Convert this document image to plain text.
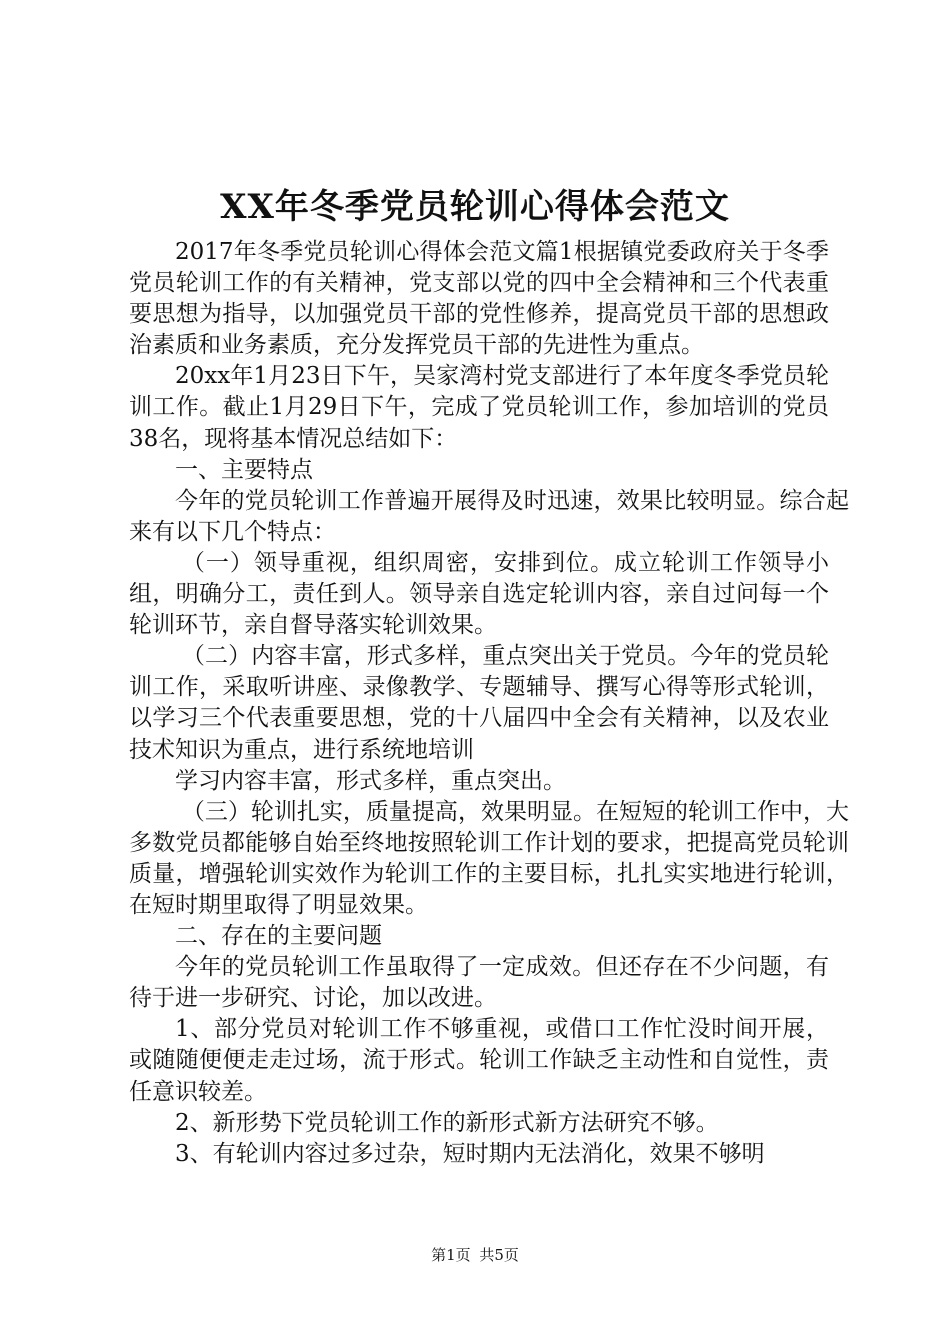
XX年冬季党员轮训心得体会范文

2017年冬季党员轮训心得体会范文篇1根据镇党委政府关于冬季党员轮训工作的有关精神，党支部以党的四中全会精神和三个代表重要思想为指导，以加强党员干部的党性修养，提高党员干部的思想政治素质和业务素质，充分发挥党员干部的先进性为重点。

20xx年1月23日下午，吴家湾村党支部进行了本年度冬季党员轮训工作。截止1月29日下午，完成了党员轮训工作，参加培训的党员38名，现将基本情况总结如下：

一、主要特点

今年的党员轮训工作普遍开展得及时迅速，效果比较明显。综合起来有以下几个特点：

（一）领导重视，组织周密，安排到位。成立轮训工作领导小组，明确分工，责任到人。领导亲自选定轮训内容，亲自过问每一个轮训环节，亲自督导落实轮训效果。

（二）内容丰富，形式多样，重点突出关于党员。今年的党员轮训工作，采取听讲座、录像教学、专题辅导、撰写心得等形式轮训，以学习三个代表重要思想，党的十八届四中全会有关精神，以及农业技术知识为重点，进行系统地培训

学习内容丰富，形式多样，重点突出。

（三）轮训扎实，质量提高，效果明显。在短短的轮训工作中，大多数党员都能够自始至终地按照轮训工作计划的要求，把提高党员轮训质量，增强轮训实效作为轮训工作的主要目标，扎扎实实地进行轮训，在短时期里取得了明显效果。

二、存在的主要问题

今年的党员轮训工作虽取得了一定成效。但还存在不少问题，有待于进一步研究、讨论，加以改进。

1、部分党员对轮训工作不够重视，或借口工作忙没时间开展，或随随便便走走过场，流于形式。轮训工作缺乏主动性和自觉性，责任意识较差。

2、新形势下党员轮训工作的新形式新方法研究不够。

3、有轮训内容过多过杂，短时期内无法消化，效果不够明

第1页 共5页
